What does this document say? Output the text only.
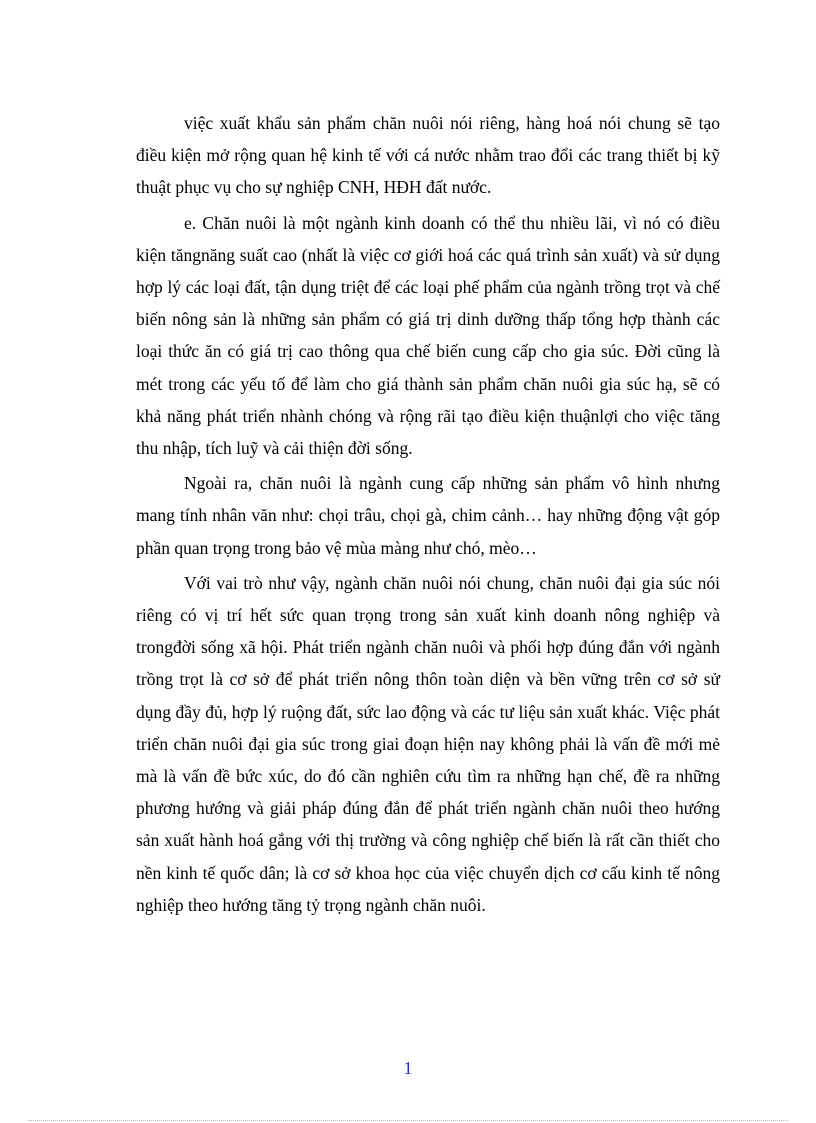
việc xuất khẩu sản phẩm chăn nuôi nói riêng, hàng hoá nói chung sẽ tạo điều kiện mở rộng quan hệ kinh tế với cá nước nhằm trao đổi các trang thiết bị kỹ thuật phục vụ cho sự nghiệp CNH, HĐH đất nước.

e. Chăn nuôi là một ngành kinh doanh có thể thu nhiều lãi, vì nó có điều kiện tăngnăng suất cao (nhất là việc cơ giới hoá các quá trình sản xuất) và sử dụng hợp lý các loại đất, tận dụng triệt để các loại phế phẩm của ngành trồng trọt và chế biến nông sản là những sản phẩm có giá trị dinh dưỡng thấp tổng hợp thành các loại thức ăn có giá trị cao thông qua chế biến cung cấp cho gia súc. Đời cũng là mét trong các yếu tố để làm cho giá thành sản phẩm chăn nuôi gia súc hạ, sẽ có khả năng phát triển nhành chóng và rộng rãi tạo điều kiện thuậnlợi cho việc tăng thu nhập, tích luỹ và cải thiện đời sống.

Ngoài ra, chăn nuôi là ngành cung cấp những sản phẩm vô hình nhưng mang tính nhân văn như: chọi trâu, chọi gà, chim cảnh… hay những động vật góp phần quan trọng trong bảo vệ mùa màng như chó, mèo…

Với vai trò như vậy, ngành chăn nuôi nói chung, chăn nuôi đại gia súc nói riêng có vị trí hết sức quan trọng trong sản xuất kinh doanh nông nghiệp và trongđời sống xã hội. Phát triển ngành chăn nuôi và phối hợp đúng đắn với ngành trồng trọt là cơ sở để phát triển nông thôn toàn diện và bền vững trên cơ sở sử dụng đầy đủ, hợp lý ruộng đất, sức lao động và các tư liệu sản xuất khác. Việc phát triển chăn nuôi đại gia súc trong giai đoạn hiện nay không phải là vấn đề mới mẻ mà là vấn đề bức xúc, do đó cần nghiên cứu tìm ra những hạn chế, đề ra những phương hướng và giải pháp đúng đắn để phát triển ngành chăn nuôi theo hướng sản xuất hành hoá gắng với thị trường và công nghiệp chế biến là rất cần thiết cho nền kinh tế quốc dân; là cơ sở khoa học của việc chuyển dịch cơ cấu kinh tế nông nghiệp theo hướng tăng tỷ trọng ngành chăn nuôi.

1
